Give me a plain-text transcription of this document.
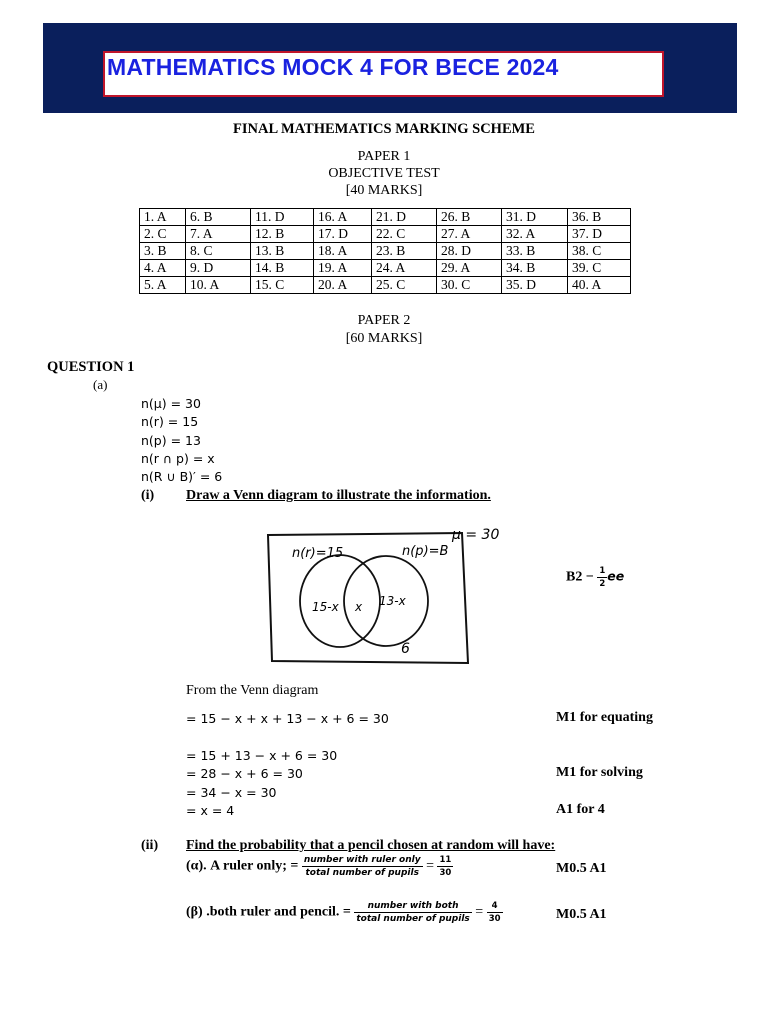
MATHEMATICS MOCK 4 FOR BECE 2024
FINAL MATHEMATICS MARKING SCHEME
PAPER 1
OBJECTIVE TEST
[40 MARKS]
1. A	6. B	11. D	16. A	21. D	26. B	31. D	36. B
2. C	7. A	12. B	17. D	22. C	27. A	32. A	37. D
3. B	8. C	13. B	18. A	23. B	28. D	33. B	38. C
4. A	9. D	14. B	19. A	24. A	29. A	34. B	39. C
5. A	10. A	15. C	20. A	25. C	30. C	35. D	40. A
PAPER 2
[60 MARKS]
QUESTION 1
(a)
n(μ) = 30
n(r) = 15
n(p) = 13
n(r ∩ p) = x
n(R ∪ B)′ = 6
(i) Draw a Venn diagram to illustrate the information.
μ = 30
n(r)=15	n(p)=B
15-x x 13-x
6
$B2 - \frac{1}{2}$ ee
From the Venn diagram
= 15 − x + x + 13 − x + 6 = 30	M1 for equating
= 15 + 13 − x + 6 = 30
= 28 − x + 6 = 30	M1 for solving
= 34 − x = 30
= x = 4	A1 for 4
(ii) Find the probability that a pencil chosen at random will have:
(α). A ruler only; = $\frac{\text{number with ruler only}}{\text{total number of pupils}} = \frac{11}{30}$	M0.5 A1
(β) .both ruler and pencil. = $\frac{\text{number with both}}{\text{total number of pupils}} = \frac{4}{30}$	M0.5 A1
